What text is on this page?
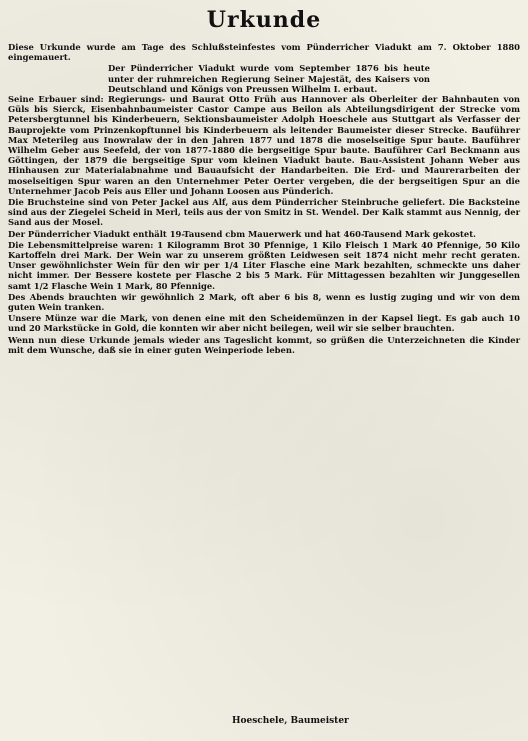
Urkunde
Diese Urkunde wurde am Tage des Schlußsteinfestes vom Pünderricher Viadukt am 7. Oktober 1880 eingemauert.
Der Pünderricher Viadukt wurde vom September 1876 bis heute unter der ruhmreichen Regierung Seiner Majestät, des Kaisers von Deutschland und Königs von Preussen Wilhelm I. erbaut.
Seine Erbauer sind: Regierungs- und Baurat Otto Früh aus Hannover als Oberleiter der Bahnbauten von Güls bis Sierck, Eisenbahnbaumeister Castor Campe aus Beilon als Abteilungsdirigent der Strecke vom Petersbergtunnel bis Kinderbeuern, Sektionsbaumeister Adolph Hoeschele aus Stuttgart als Verfasser der Bauprojekte vom Prinzenkopftunnel bis Kinderbeuern als leitender Baumeister dieser Strecke. Bauführer Max Meterileg aus Inowralaw der in den Jahren 1877 und 1878 die moselseitige Spur baute. Bauführer Wilhelm Geber aus Seefeld, der von 1877-1880 die bergseitige Spur baute. Bauführer Carl Beckmann aus Göttingen, der 1879 die bergseitige Spur vom kleinen Viadukt baute. Bau-Assistent Johann Weber aus Hinhausen zur Materialabnahme und Bauaufsicht der Handarbeiten. Die Erd- und Maurerarbeiten der moselseitigen Spur waren an den Unternehmer Peter Oerter vergeben, die der bergseitigen Spur an die Unternehmer Jacob Peis aus Eller und Johann Loosen aus Pünderich.
Die Bruchsteine sind von Peter Jackel aus Alf, aus dem Pünderricher Steinbruche geliefert. Die Backsteine sind aus der Ziegelei Scheid in Merl, teils aus der von Smitz in St. Wendel. Der Kalk stammt aus Nennig, der Sand aus der Mosel.
Der Pünderricher Viadukt enthält 19-Tausend cbm Mauerwerk und hat 460-Tausend Mark gekostet.
Die Lebensmittelpreise waren: 1 Kilogramm Brot 30 Pfennige, 1 Kilo Fleisch 1 Mark 40 Pfennige, 50 Kilo Kartoffeln drei Mark. Der Wein war zu unserem größten Leidwesen seit 1874 nicht mehr recht geraten. Unser gewöhnlichster Wein für den wir per 1/4 Liter Flasche eine Mark bezahlten, schmeckte uns daher nicht immer. Der Bessere kostete per Flasche 2 bis 5 Mark. Für Mittagessen bezahlten wir Junggesellen samt 1/2 Flasche Wein 1 Mark, 80 Pfennige.
Des Abends brauchten wir gewöhnlich 2 Mark, oft aber 6 bis 8, wenn es lustig zuging und wir von dem guten Wein tranken.
Unsere Münze war die Mark, von denen eine mit den Scheidemünzen in der Kapsel liegt. Es gab auch 10 und 20 Markstücke in Gold, die konnten wir aber nicht beilegen, weil wir sie selber brauchten.
Wenn nun diese Urkunde jemals wieder ans Tageslicht kommt, so grüßen die Unterzeichneten die Kinder mit dem Wunsche, daß sie in einer guten Weinperiode leben.
Hoeschele, Baumeister
